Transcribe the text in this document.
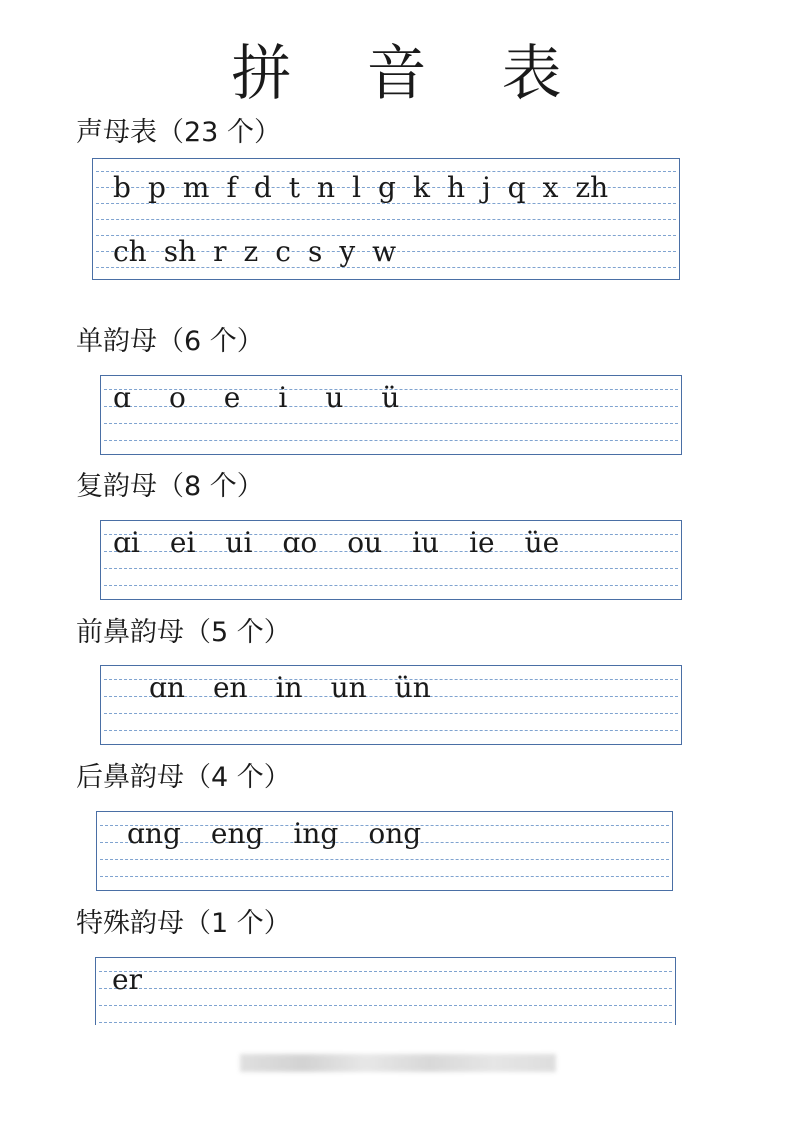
拼 音 表
声母表（23 个）
b p m f d t n l g k h j q x zh
ch sh r z c s y w
单韵母（6 个）
ɑ o e i u ü
复韵母（8 个）
ɑi ei ui ɑo ou iu ie üe
前鼻韵母（5 个）
ɑn en in un ün
后鼻韵母（4 个）
ɑng eng ing ong
特殊韵母（1 个）
er
